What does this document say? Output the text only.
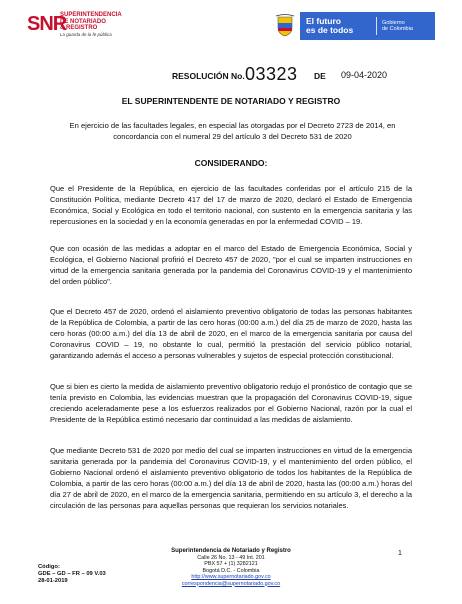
SNR
SUPERINTENDENCIA
DE NOTARIADO
& REGISTRO
La guarda de la fe pública
El futuro
es de todos
Gobierno
de Colombia
RESOLUCIÓN No. 03323 DE 09-04-2020
EL SUPERINTENDENTE DE NOTARIADO Y REGISTRO
En ejercicio de las facultades legales, en especial las otorgadas por el Decreto 2723 de 2014, en concordancia con el numeral 29 del artículo 3 del Decreto 531 de 2020
CONSIDERANDO:
Que el Presidente de la República, en ejercicio de las facultades conferidas por el artículo 215 de la Constitución Política, mediante Decreto 417 del 17 de marzo de 2020, declaró el Estado de Emergencia Económica, Social y Ecológica en todo el territorio nacional, con sustento en la emergencia sanitaria y las repercusiones en la sociedad y en la economía generadas en por la enfermedad COVID – 19.
Que con ocasión de las medidas a adoptar en el marco del Estado de Emergencia Económica, Social y Ecológica, el Gobierno Nacional profirió el Decreto 457 de 2020, "por el cual se imparten instrucciones en virtud de la emergencia sanitaria generada por la pandemia del Coronavirus COVID-19 y el mantenimiento del orden público".
Que el Decreto 457 de 2020, ordenó el aislamiento preventivo obligatorio de todas las personas habitantes de la República de Colombia, a partir de las cero horas (00:00 a.m.) del día 25 de marzo de 2020, hasta las cero horas (00:00 a.m.) del día 13 de abril de 2020, en el marco de la emergencia sanitaria por causa del Coronavirus COVID – 19, no obstante lo cual, permitió la prestación del servicio público notarial, garantizando además el acceso a personas vulnerables y sujetos de especial protección constitucional.
Que si bien es cierto la medida de aislamiento preventivo obligatorio redujo el pronóstico de contagio que se tenía previsto en Colombia, las evidencias muestran que la propagación del Coronavirus COVID-19, sigue creciendo aceleradamente pese a los esfuerzos realizados por el Gobierno Nacional, razón por la cual el Presidente de la República estimó necesario dar continuidad a las medidas de aislamiento.
Que mediante Decreto 531 de 2020 por medio del cual se imparten instrucciones en virtud de la emergencia sanitaria generada por la pandemia del Coronavirus COVID-19, y el mantenimiento del orden público, el Gobierno Nacional ordenó el aislamiento preventivo obligatorio de todos los habitantes de la República de Colombia, a partir de las cero horas (00:00 a.m.) del día 13 de abril de 2020, hasta las (00:00 a.m.) horas del día 27 de abril de 2020, en el marco de la emergencia sanitaria, permitiendo en su artículo 3, el derecho a la circulación de las personas para aquellas personas que requieran los servicios notariales.
Código:
GDE – GD – FR – 09 V.03
28-01-2019
Superintendencia de Notariado y Registro
Calle 26 No. 13 - 49 Int. 201
PBX 57 + (1) 3282121
Bogotá D.C. - Colombia
http://www.supernotariado.gov.co
correspondencia@supernotariado.gov.co
1
